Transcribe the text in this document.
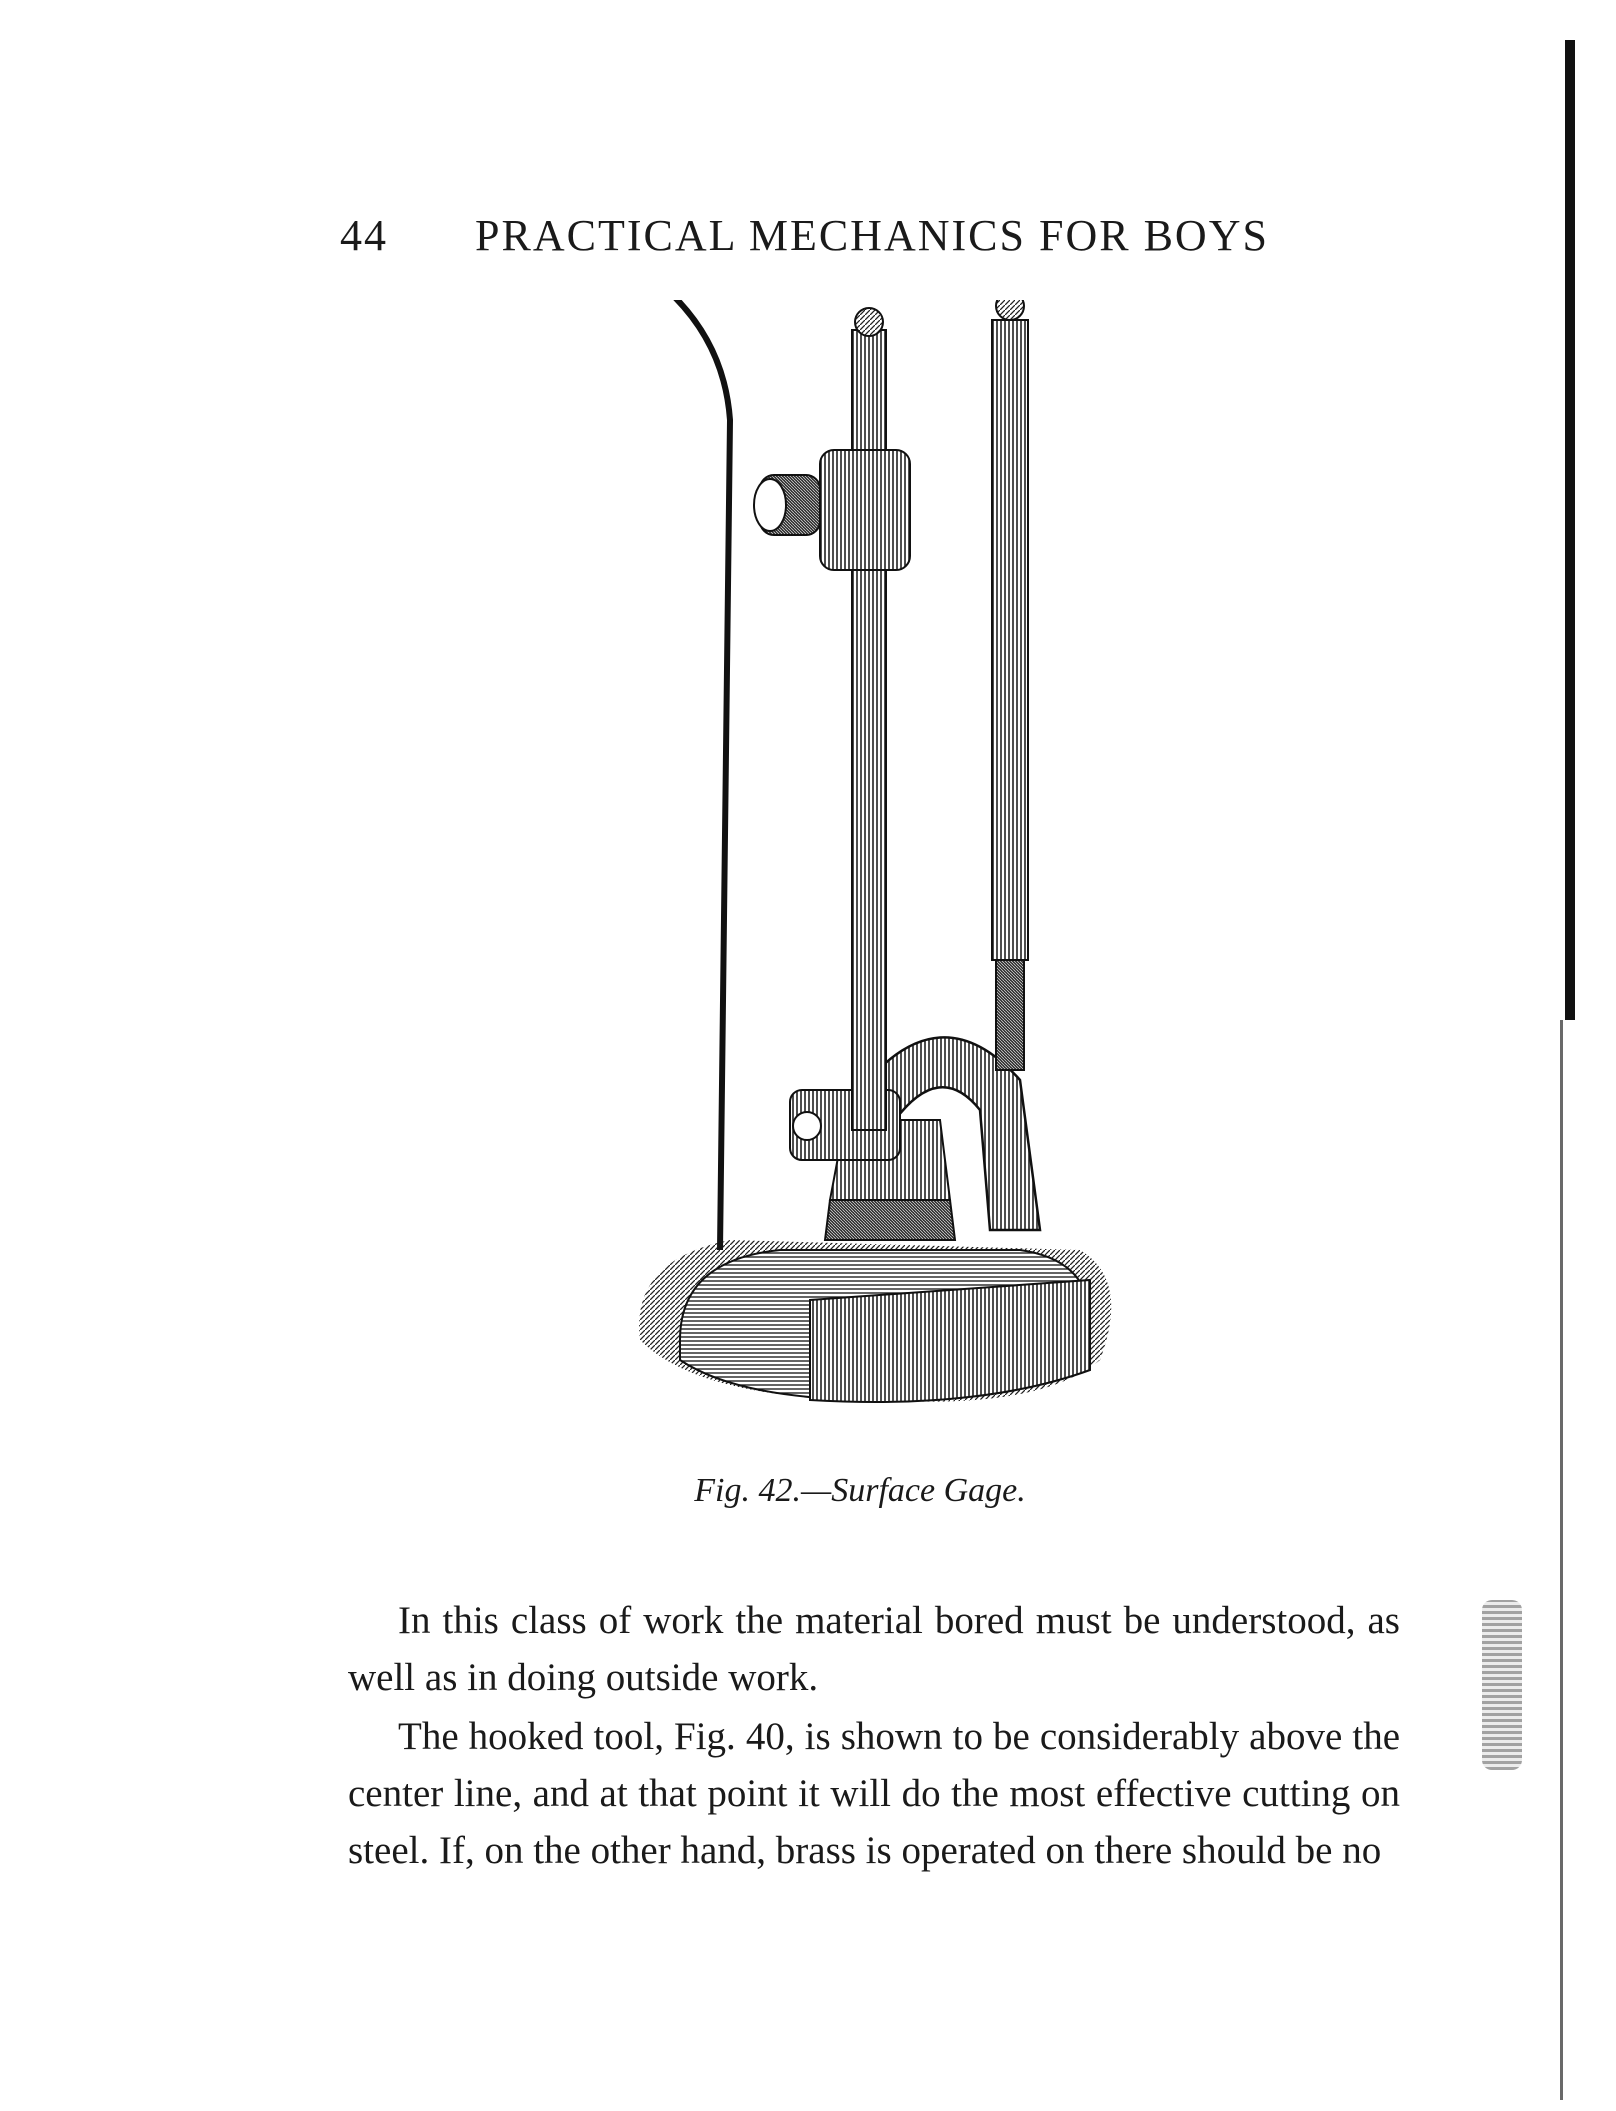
44 PRACTICAL MECHANICS FOR BOYS
Fig. 42.—Surface Gage.

In this class of work the material bored must be understood, as well as in doing outside work.

The hooked tool, Fig. 40, is shown to be considerably above the center line, and at that point it will do the most effective cutting on steel. If, on the other hand, brass is operated on there should be no
